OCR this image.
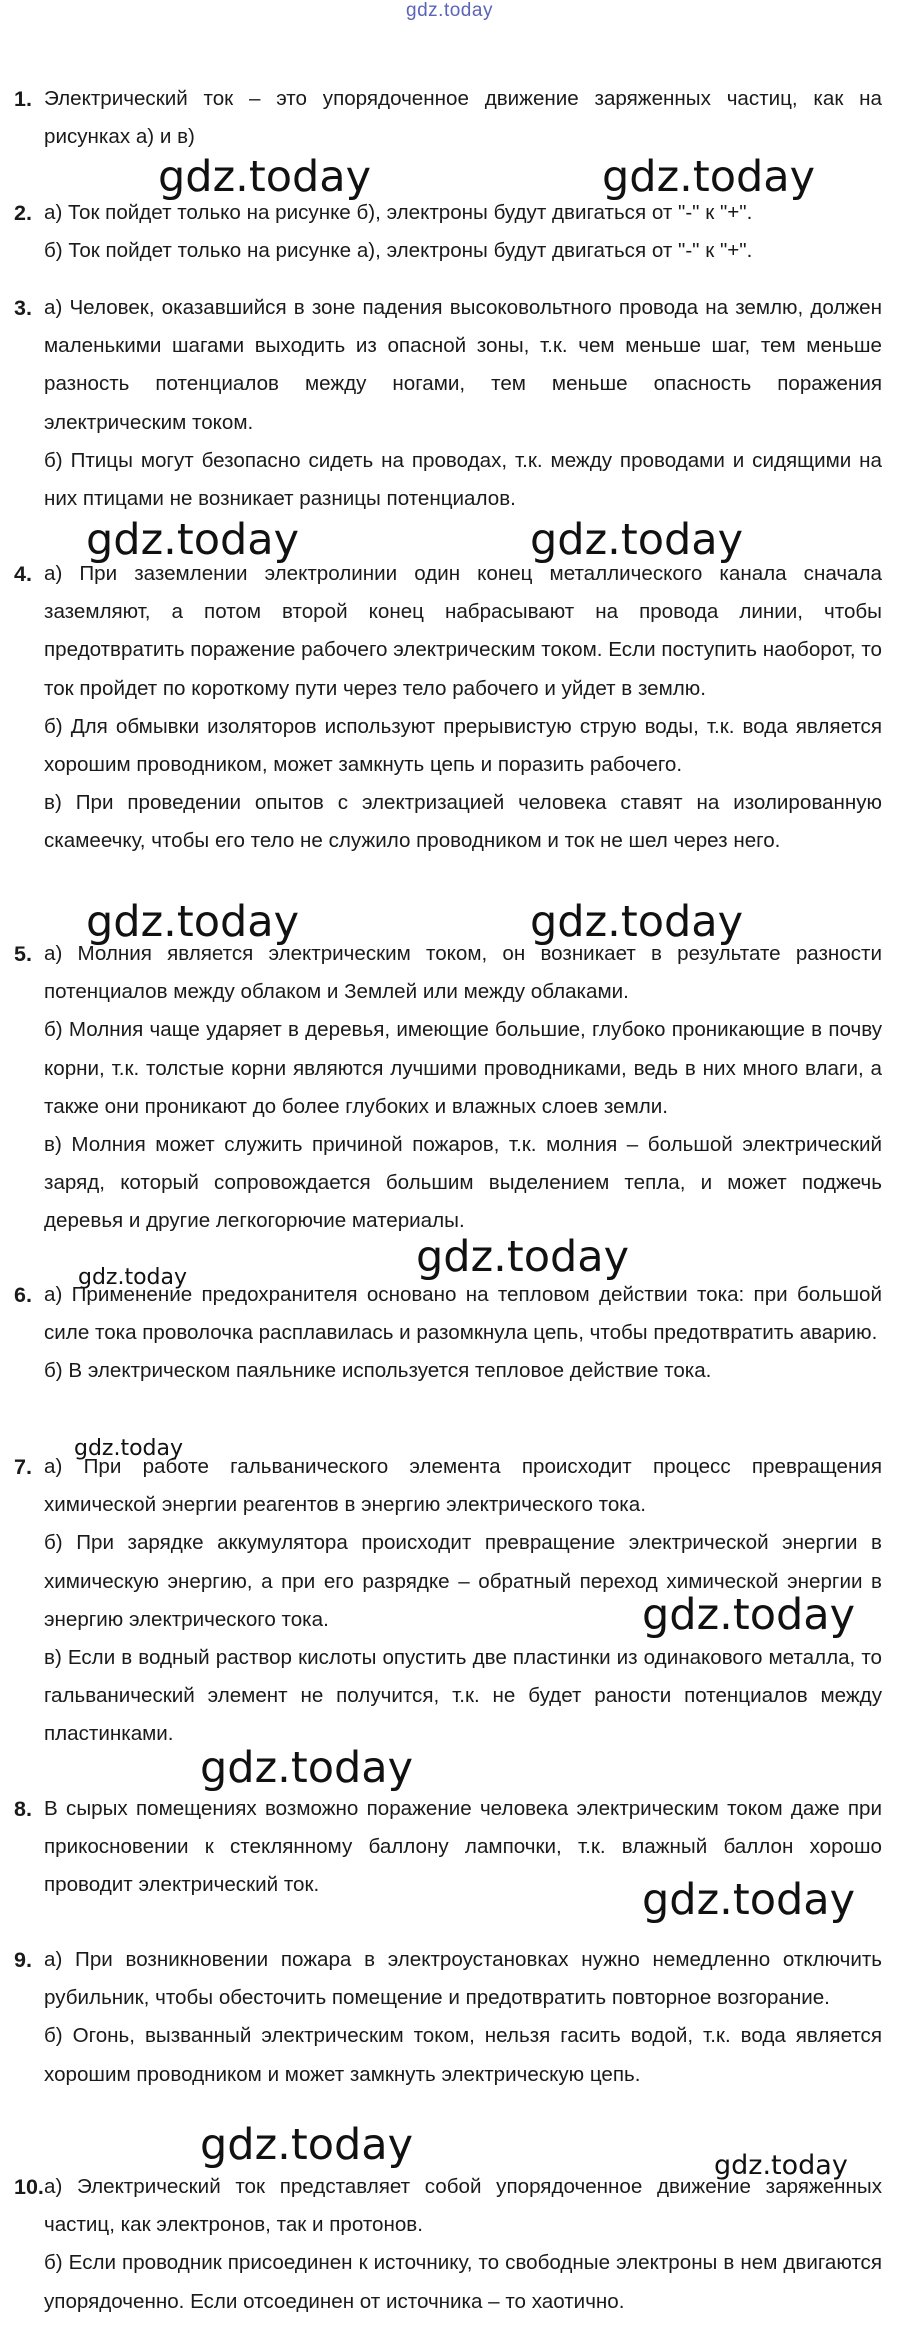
gdz.today
1. Электрический ток – это упорядоченное движение заряженных частиц, как на рисунках а) и в)

2. а) Ток пойдет только на рисунке б), электроны будут двигаться от "-" к "+".

б) Ток пойдет только на рисунке а), электроны будут двигаться от "-" к "+".

3. а) Человек, оказавшийся в зоне падения высоковольтного провода на землю, должен маленькими шагами выходить из опасной зоны, т.к. чем меньше шаг, тем меньше разность потенциалов между ногами, тем меньше опасность поражения электрическим током.

б) Птицы могут безопасно сидеть на проводах, т.к. между проводами и сидящими на них птицами не возникает разницы потенциалов.

4. а) При заземлении электролинии один конец металлического канала сначала заземляют, а потом второй конец набрасывают на провода линии, чтобы предотвратить поражение рабочего электрическим током. Если поступить наоборот, то ток пройдет по короткому пути через тело рабочего и уйдет в землю.

б) Для обмывки изоляторов используют прерывистую струю воды, т.к. вода является хорошим проводником, может замкнуть цепь и поразить рабочего.

в) При проведении опытов с электризацией человека ставят на изолированную скамеечку, чтобы его тело не служило проводником и ток не шел через него.

5. а) Молния является электрическим током, он возникает в результате разности потенциалов между облаком и Землей или между облаками.

б) Молния чаще ударяет в деревья, имеющие большие, глубоко проникающие в почву корни, т.к. толстые корни являются лучшими проводниками, ведь в них много влаги, а также они проникают до более глубоких и влажных слоев земли.

в) Молния может служить причиной пожаров, т.к. молния – большой электрический заряд, который сопровождается большим выделением тепла, и может поджечь деревья и другие легкогорючие материалы.

6. а) Применение предохранителя основано на тепловом действии тока: при большой силе тока проволочка расплавилась и разомкнула цепь, чтобы предотвратить аварию.

б) В электрическом паяльнике используется тепловое действие тока.

7. а) При работе гальванического элемента происходит процесс превращения химической энергии реагентов в энергию электрического тока.

б) При зарядке аккумулятора происходит превращение электрической энергии в химическую энергию, а при его разрядке – обратный переход химической энергии в энергию электрического тока.

в) Если в водный раствор кислоты опустить две пластинки из одинакового металла, то гальванический элемент не получится, т.к. не будет раности потенциалов между пластинками.

8. В сырых помещениях возможно поражение человека электрическим током даже при прикосновении к стеклянному баллону лампочки, т.к. влажный баллон хорошо проводит электрический ток.

9. а) При возникновении пожара в электроустановках нужно немедленно отключить рубильник, чтобы обесточить помещение и предотвратить повторное возгорание.

б) Огонь, вызванный электрическим током, нельзя гасить водой, т.к. вода является хорошим проводником и может замкнуть электрическую цепь.

10. а) Электрический ток представляет собой упорядоченное движение заряженных частиц, как электронов, так и протонов.

б) Если проводник присоединен к источнику, то свободные электроны в нем двигаются упорядоченно. Если отсоединен от источника – то хаотично.

gdz.today	gdz.today
gdz.today	gdz.today
gdz.today	gdz.today
gdz.today
gdz.today
gdz.today
gdz.today
gdz.today
gdz.today
gdz.today	gdz.today
